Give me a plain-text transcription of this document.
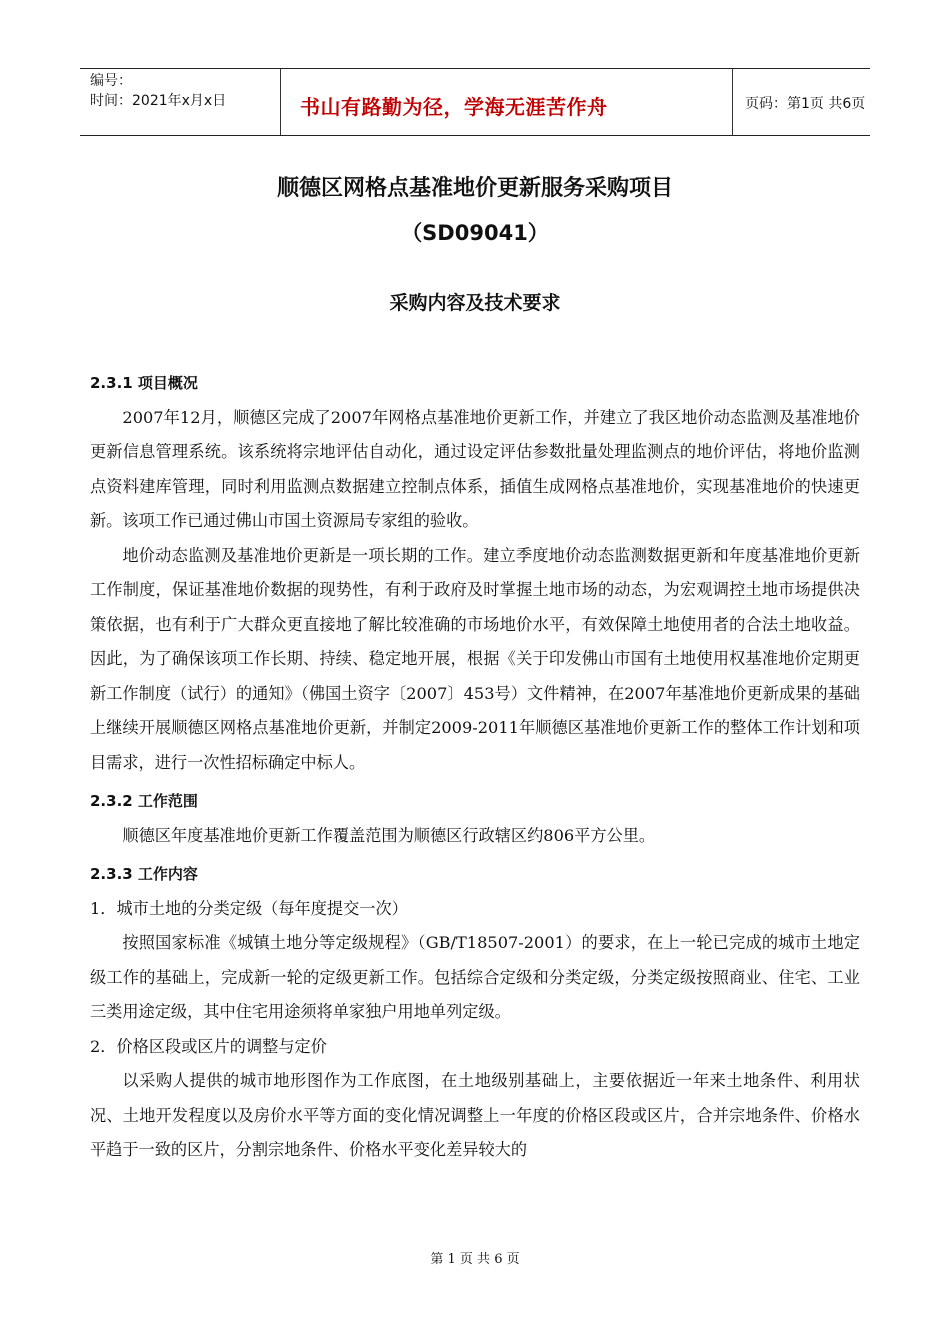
编号：
时间：2021年x月x日	书山有路勤为径，学海无涯苦作舟	页码：第1页 共6页
顺德区网格点基准地价更新服务采购项目
（SD09041）
采购内容及技术要求

2.3.1 项目概况

2007年12月，顺德区完成了2007年网格点基准地价更新工作，并建立了我区地价动态监测及基准地价更新信息管理系统。该系统将宗地评估自动化，通过设定评估参数批量处理监测点的地价评估，将地价监测点资料建库管理，同时利用监测点数据建立控制点体系，插值生成网格点基准地价，实现基准地价的快速更新。该项工作已通过佛山市国土资源局专家组的验收。

地价动态监测及基准地价更新是一项长期的工作。建立季度地价动态监测数据更新和年度基准地价更新工作制度，保证基准地价数据的现势性，有利于政府及时掌握土地市场的动态，为宏观调控土地市场提供决策依据，也有利于广大群众更直接地了解比较准确的市场地价水平，有效保障土地使用者的合法土地收益。因此，为了确保该项工作长期、持续、稳定地开展，根据《关于印发佛山市国有土地使用权基准地价定期更新工作制度（试行）的通知》（佛国土资字〔2007〕453号）文件精神，在2007年基准地价更新成果的基础上继续开展顺德区网格点基准地价更新，并制定2009-2011年顺德区基准地价更新工作的整体工作计划和项目需求，进行一次性招标确定中标人。

2.3.2 工作范围

顺德区年度基准地价更新工作覆盖范围为顺德区行政辖区约806平方公里。

2.3.3 工作内容

1．城市土地的分类定级（每年度提交一次）

按照国家标准《城镇土地分等定级规程》（GB/T18507-2001）的要求，在上一轮已完成的城市土地定级工作的基础上，完成新一轮的定级更新工作。包括综合定级和分类定级，分类定级按照商业、住宅、工业三类用途定级，其中住宅用途须将单家独户用地单列定级。

2．价格区段或区片的调整与定价

以采购人提供的城市地形图作为工作底图，在土地级别基础上，主要依据近一年来土地条件、利用状况、土地开发程度以及房价水平等方面的变化情况调整上一年度的价格区段或区片，合并宗地条件、价格水平趋于一致的区片，分割宗地条件、价格水平变化差异较大的

第 1 页 共 6 页
